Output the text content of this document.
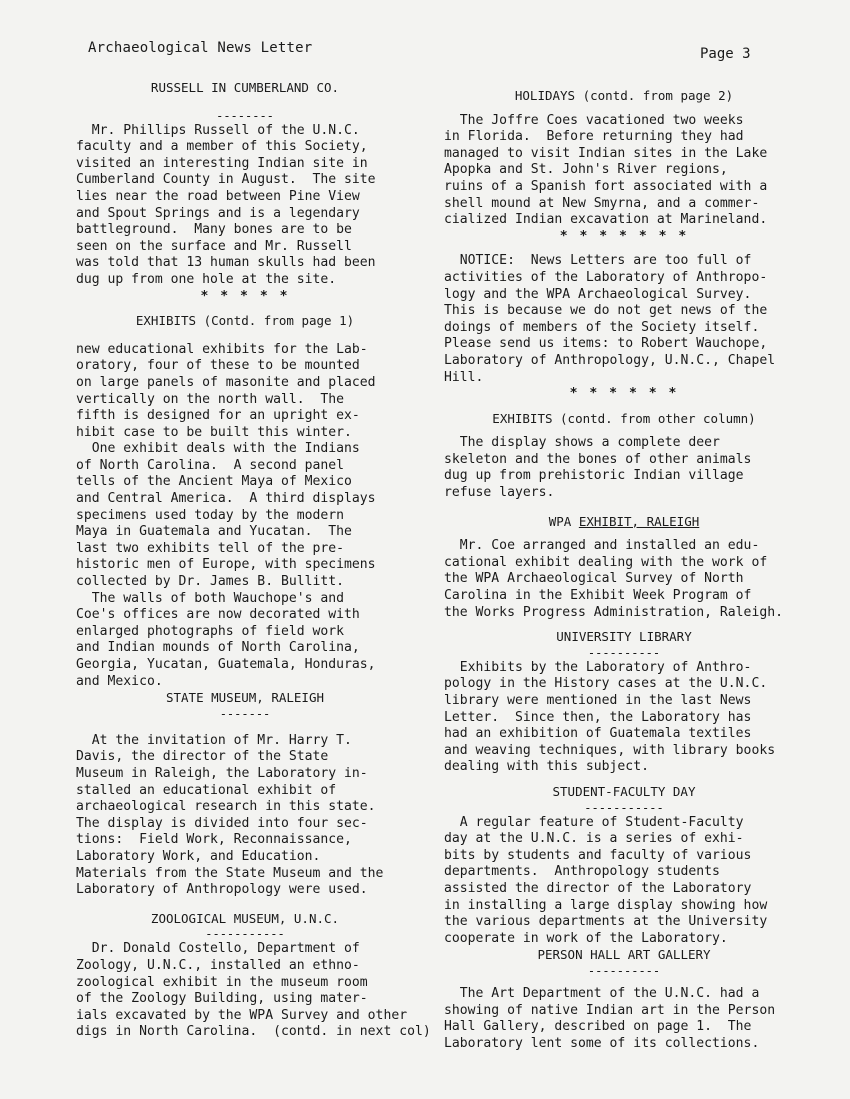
Archaeological News Letter	Page 3

RUSSELL IN CUMBERLAND CO.

--------

Mr. Phillips Russell of the U.N.C.
faculty and a member of this Society,
visited an interesting Indian site in
Cumberland County in August.  The site
lies near the road between Pine View
and Spout Springs and is a legendary
battleground.  Many bones are to be
seen on the surface and Mr. Russell
was told that 13 human skulls had been
dug up from one hole at the site.

* * * * *

EXHIBITS (Contd. from page 1)

new educational exhibits for the Lab-
oratory, four of these to be mounted
on large panels of masonite and placed
vertically on the north wall.  The
fifth is designed for an upright ex-
hibit case to be built this winter.
One exhibit deals with the Indians
of North Carolina.  A second panel
tells of the Ancient Maya of Mexico
and Central America.  A third displays
specimens used today by the modern
Maya in Guatemala and Yucatan.  The
last two exhibits tell of the pre-
historic men of Europe, with specimens
collected by Dr. James B. Bullitt.
The walls of both Wauchope's and
Coe's offices are now decorated with
enlarged photographs of field work
and Indian mounds of North Carolina,
Georgia, Yucatan, Guatemala, Honduras,
and Mexico.

STATE MUSEUM, RALEIGH

-------

At the invitation of Mr. Harry T.
Davis, the director of the State
Museum in Raleigh, the Laboratory in-
stalled an educational exhibit of
archaeological research in this state.
The display is divided into four sec-
tions:  Field Work, Reconnaissance,
Laboratory Work, and Education.
Materials from the State Museum and the
Laboratory of Anthropology were used.

ZOOLOGICAL MUSEUM, U.N.C.

-----------

Dr. Donald Costello, Department of
Zoology, U.N.C., installed an ethno-
zoological exhibit in the museum room
of the Zoology Building, using mater-
ials excavated by the WPA Survey and other
digs in North Carolina.  (contd. in next col)

HOLIDAYS (contd. from page 2)

The Joffre Coes vacationed two weeks
in Florida.  Before returning they had
managed to visit Indian sites in the Lake
Apopka and St. John's River regions,
ruins of a Spanish fort associated with a
shell mound at New Smyrna, and a commer-
cialized Indian excavation at Marineland.

* * * * * * *

NOTICE:  News Letters are too full of
activities of the Laboratory of Anthropo-
logy and the WPA Archaeological Survey.
This is because we do not get news of the
doings of members of the Society itself.
Please send us items: to Robert Wauchope,
Laboratory of Anthropology, U.N.C., Chapel
Hill.

* * * * * *

EXHIBITS (contd. from other column)

The display shows a complete deer
skeleton and the bones of other animals
dug up from prehistoric Indian village
refuse layers.

WPA EXHIBIT, RALEIGH

Mr. Coe arranged and installed an edu-
cational exhibit dealing with the work of
the WPA Archaeological Survey of North
Carolina in the Exhibit Week Program of
the Works Progress Administration, Raleigh.

UNIVERSITY LIBRARY

----------

Exhibits by the Laboratory of Anthro-
pology in the History cases at the U.N.C.
library were mentioned in the last News
Letter.  Since then, the Laboratory has
had an exhibition of Guatemala textiles
and weaving techniques, with library books
dealing with this subject.

STUDENT-FACULTY DAY

-----------

A regular feature of Student-Faculty
day at the U.N.C. is a series of exhi-
bits by students and faculty of various
departments.  Anthropology students
assisted the director of the Laboratory
in installing a large display showing how
the various departments at the University
cooperate in work of the Laboratory.

PERSON HALL ART GALLERY

----------

The Art Department of the U.N.C. had a
showing of native Indian art in the Person
Hall Gallery, described on page 1.  The
Laboratory lent some of its collections.
